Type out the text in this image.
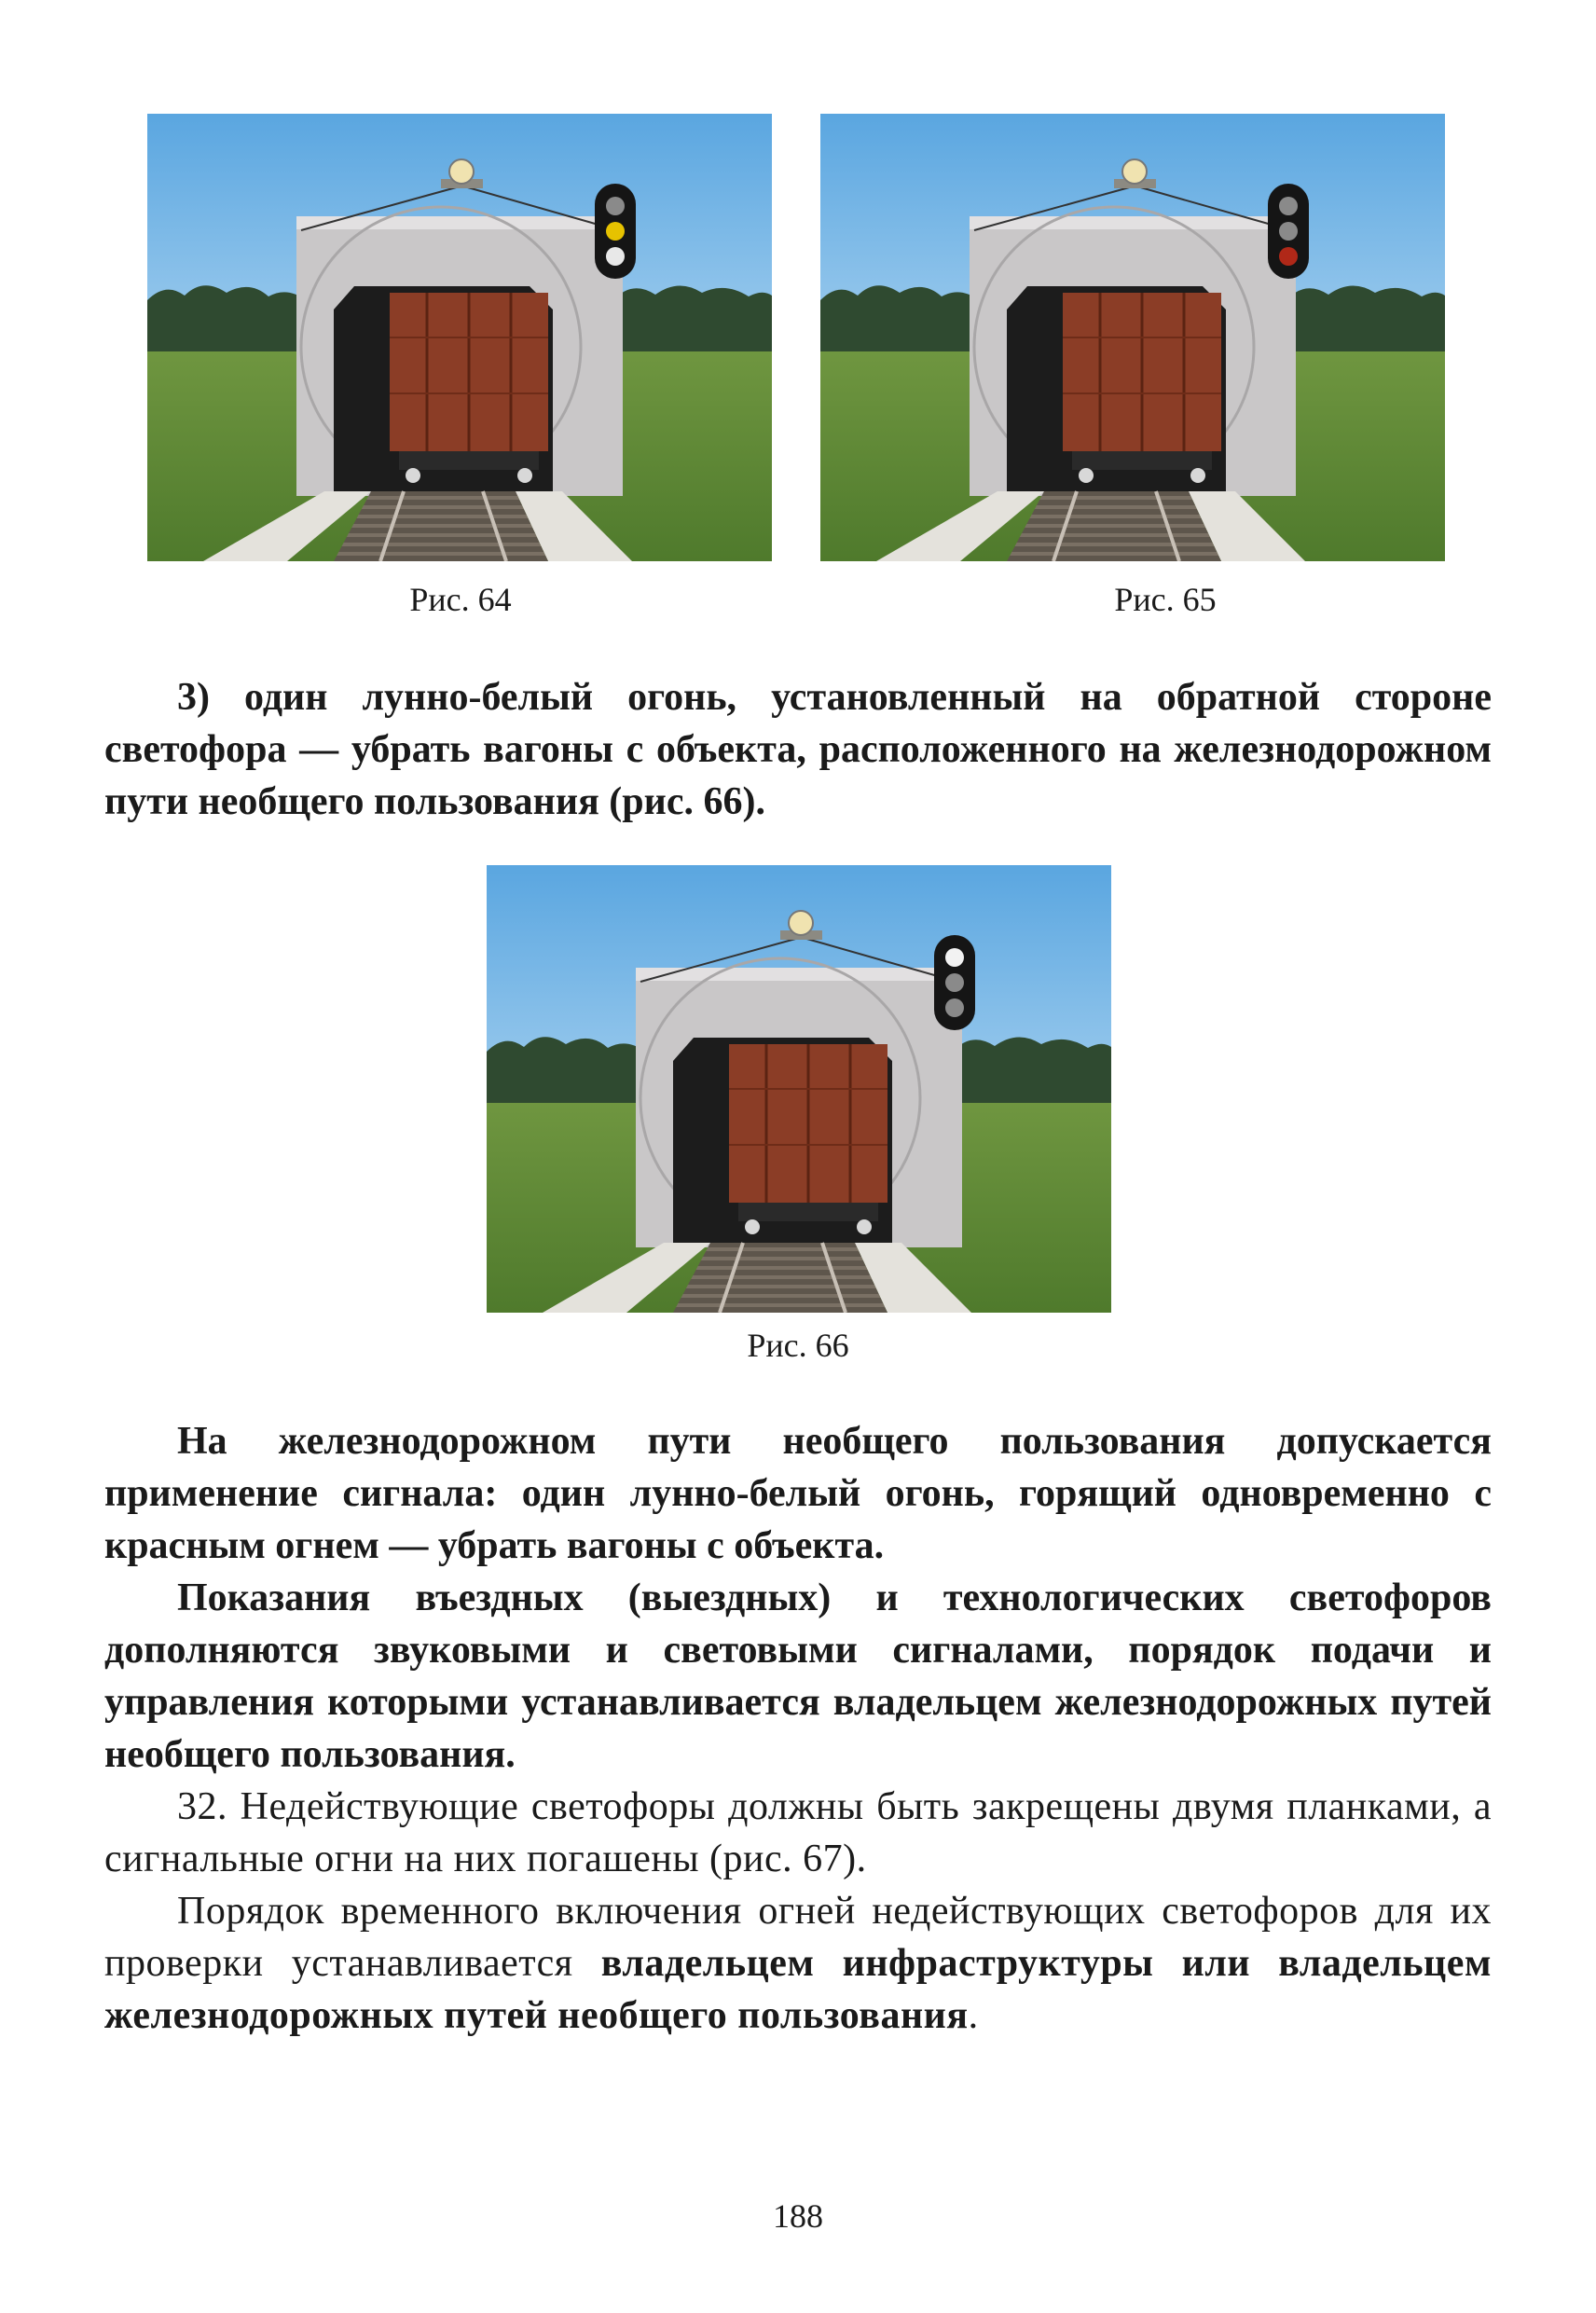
Рис. 64	Рис. 65

3) один лунно-белый огонь, установленный на обратной стороне светофора — убрать вагоны с объекта, расположенного на железнодорожном пути необщего пользования (рис. 66).

Рис. 66

На железнодорожном пути необщего пользования допускается применение сигнала: один лунно-белый огонь, горящий одновременно с красным огнем — убрать вагоны с объекта.

Показания въездных (выездных) и технологических светофоров дополняются звуковыми и световыми сигналами, порядок подачи и управления которыми устанавливается владельцем железнодорожных путей необщего пользования.

32. Недействующие светофоры должны быть закрещены двумя планками, а сигнальные огни на них погашены (рис. 67).

Порядок временного включения огней недействующих светофоров для их проверки устанавливается владельцем инфраструктуры или владельцем железнодорожных путей необщего пользования.

188
